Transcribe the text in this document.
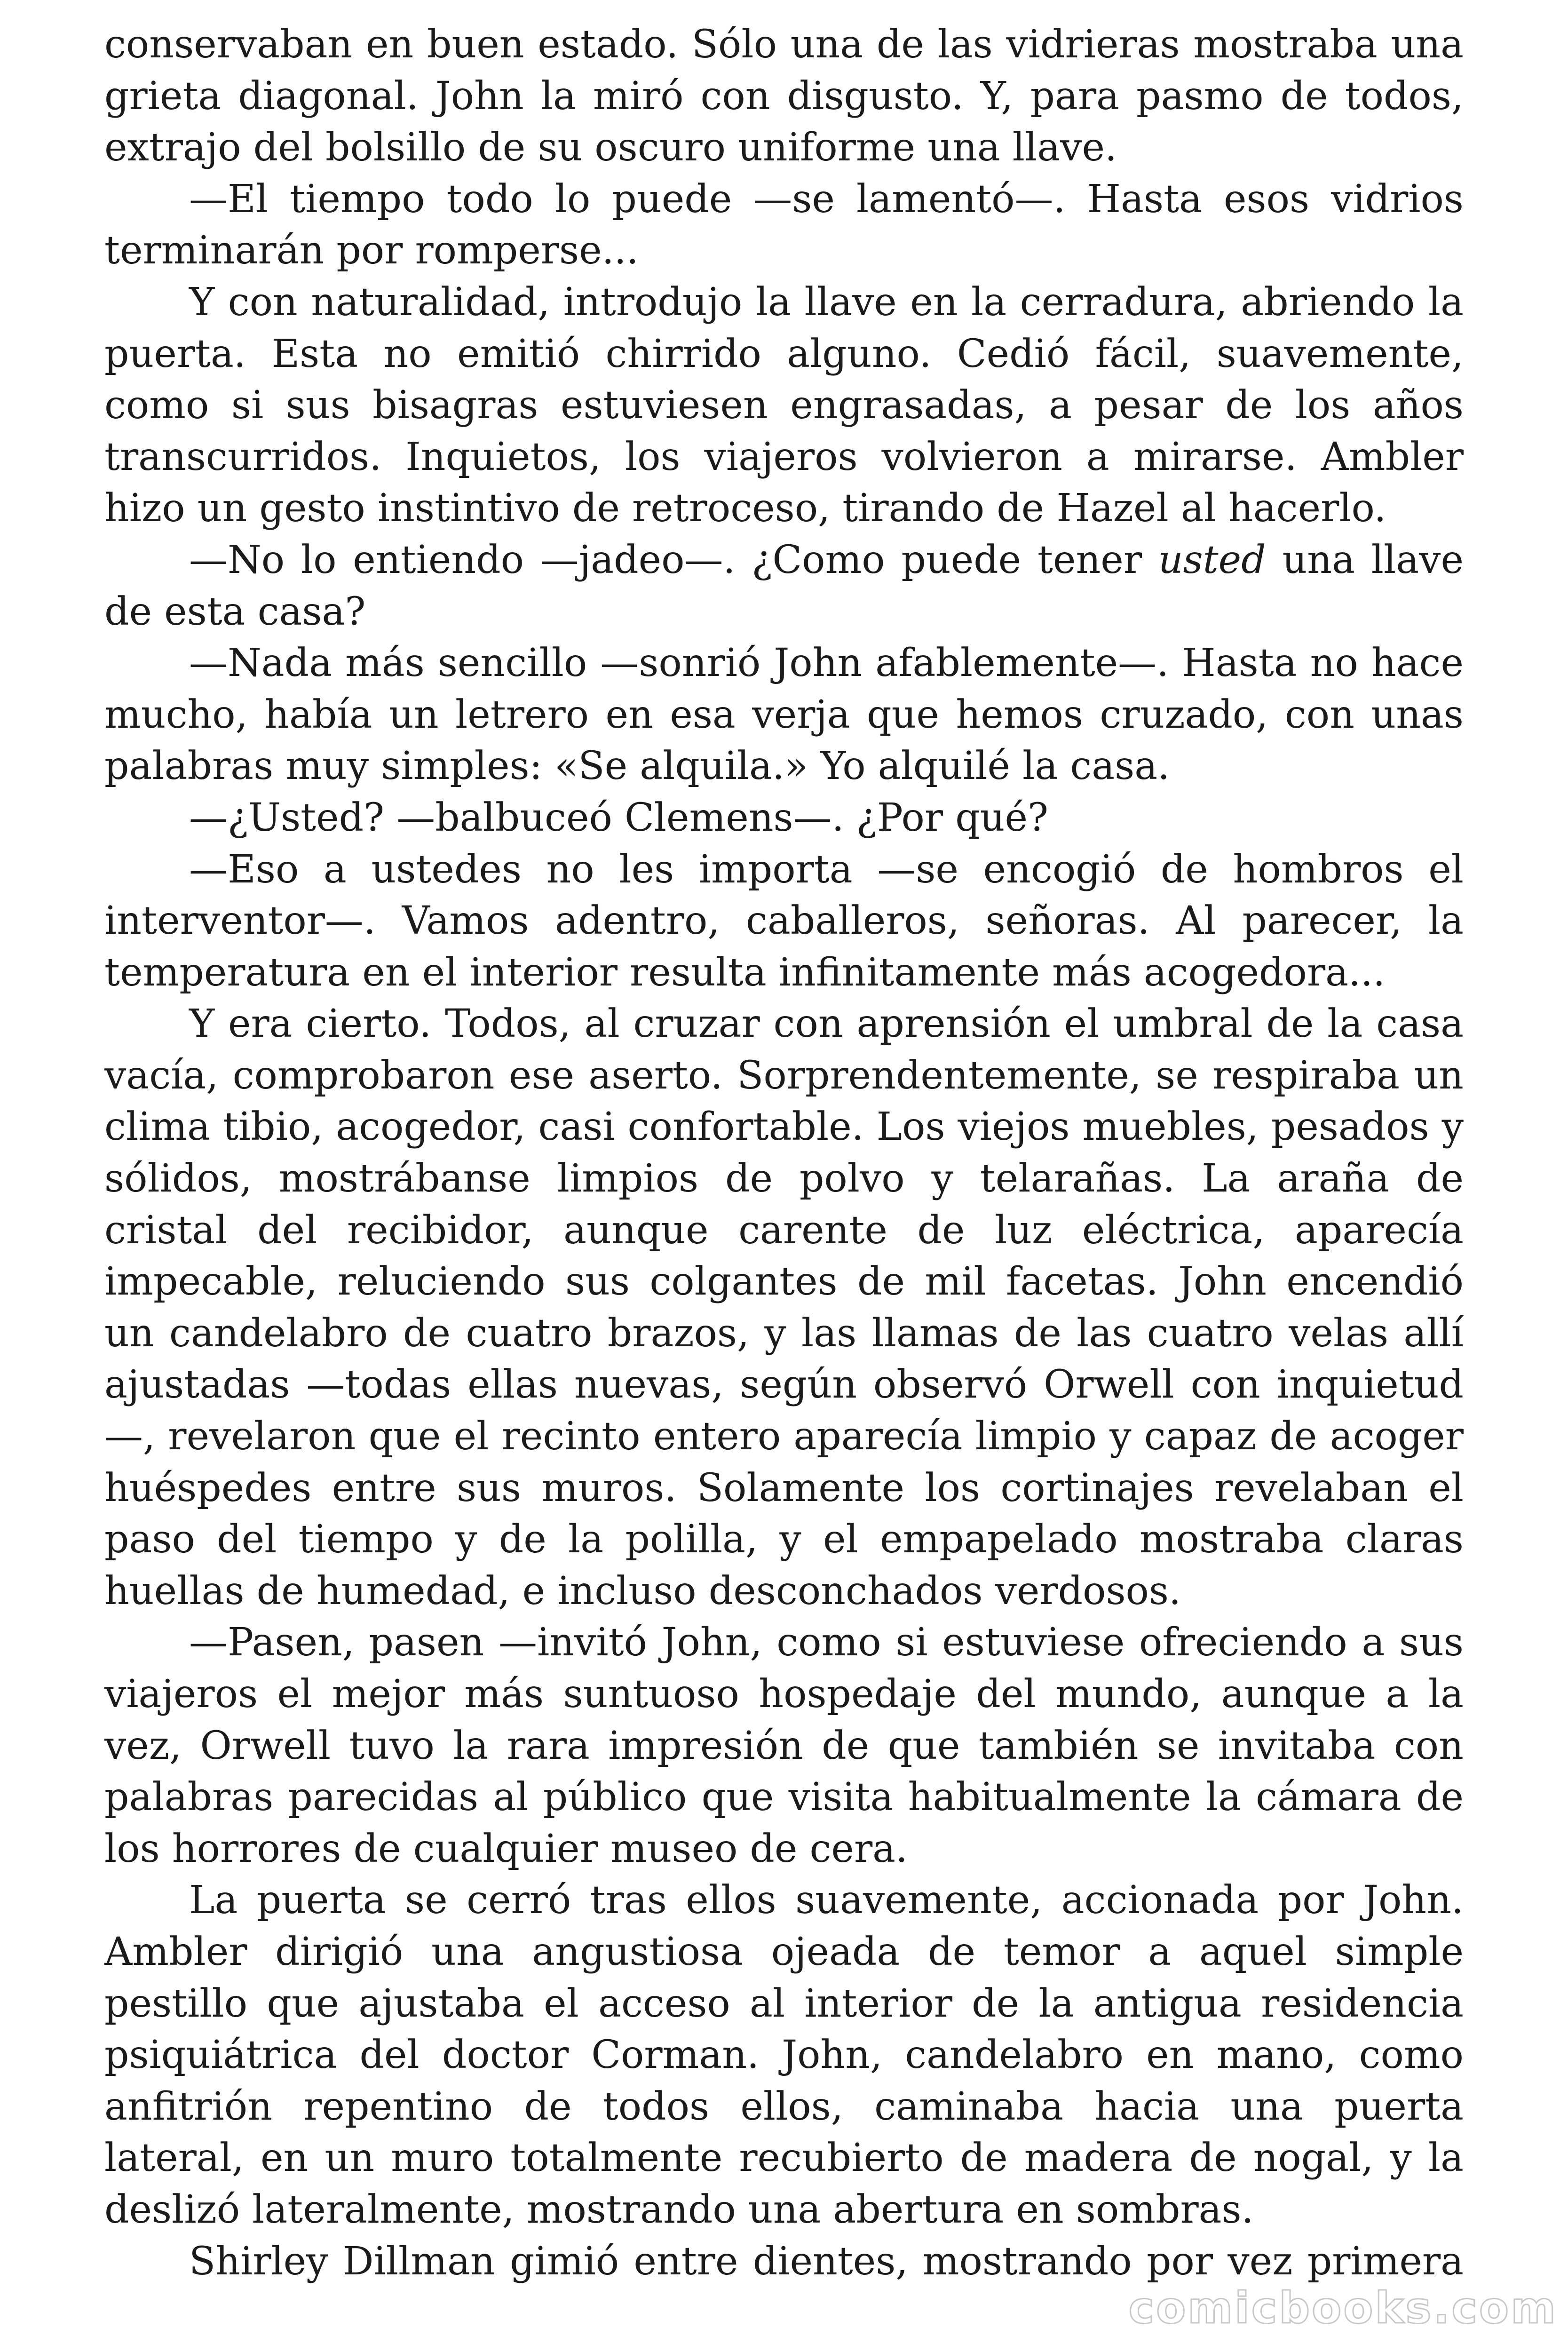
conservaban en buen estado. Sólo una de las vidrieras mostraba una grieta diagonal. John la miró con disgusto. Y, para pasmo de todos, extrajo del bolsillo de su oscuro uniforme una llave.

—El tiempo todo lo puede —se lamentó—. Hasta esos vidrios terminarán por romperse...

Y con naturalidad, introdujo la llave en la cerradura, abriendo la puerta. Esta no emitió chirrido alguno. Cedió fácil, suavemente, como si sus bisagras estuviesen engrasadas, a pesar de los años transcurridos. Inquietos, los viajeros volvieron a mirarse. Ambler hizo un gesto instintivo de retroceso, tirando de Hazel al hacerlo.

—No lo entiendo —jadeo—. ¿Como puede tener usted una llave de esta casa?

—Nada más sencillo —sonrió John afablemente—. Hasta no hace mucho, había un letrero en esa verja que hemos cruzado, con unas palabras muy simples: «Se alquila.» Yo alquilé la casa.

—¿Usted? —balbuceó Clemens—. ¿Por qué?

—Eso a ustedes no les importa —se encogió de hombros el interventor—. Vamos adentro, caballeros, señoras. Al parecer, la temperatura en el interior resulta infinitamente más acogedora...

Y era cierto. Todos, al cruzar con aprensión el umbral de la casa vacía, comprobaron ese aserto. Sorprendentemente, se respiraba un clima tibio, acogedor, casi confortable. Los viejos muebles, pesados y sólidos, mostrábanse limpios de polvo y telarañas. La araña de cristal del recibidor, aunque carente de luz eléctrica, aparecía impecable, reluciendo sus colgantes de mil facetas. John encendió un candelabro de cuatro brazos, y las llamas de las cuatro velas allí ajustadas —todas ellas nuevas, según observó Orwell con inquietud—, revelaron que el recinto entero aparecía limpio y capaz de acoger huéspedes entre sus muros. Solamente los cortinajes revelaban el paso del tiempo y de la polilla, y el empapelado mostraba claras huellas de humedad, e incluso desconchados verdosos.

—Pasen, pasen —invitó John, como si estuviese ofreciendo a sus viajeros el mejor más suntuoso hospedaje del mundo, aunque a la vez, Orwell tuvo la rara impresión de que también se invitaba con palabras parecidas al público que visita habitualmente la cámara de los horrores de cualquier museo de cera.

La puerta se cerró tras ellos suavemente, accionada por John. Ambler dirigió una angustiosa ojeada de temor a aquel simple pestillo que ajustaba el acceso al interior de la antigua residencia psiquiátrica del doctor Corman. John, candelabro en mano, como anfitrión repentino de todos ellos, caminaba hacia una puerta lateral, en un muro totalmente recubierto de madera de nogal, y la deslizó lateralmente, mostrando una abertura en sombras.

Shirley Dillman gimió entre dientes, mostrando por vez primera

comicbooks.com
